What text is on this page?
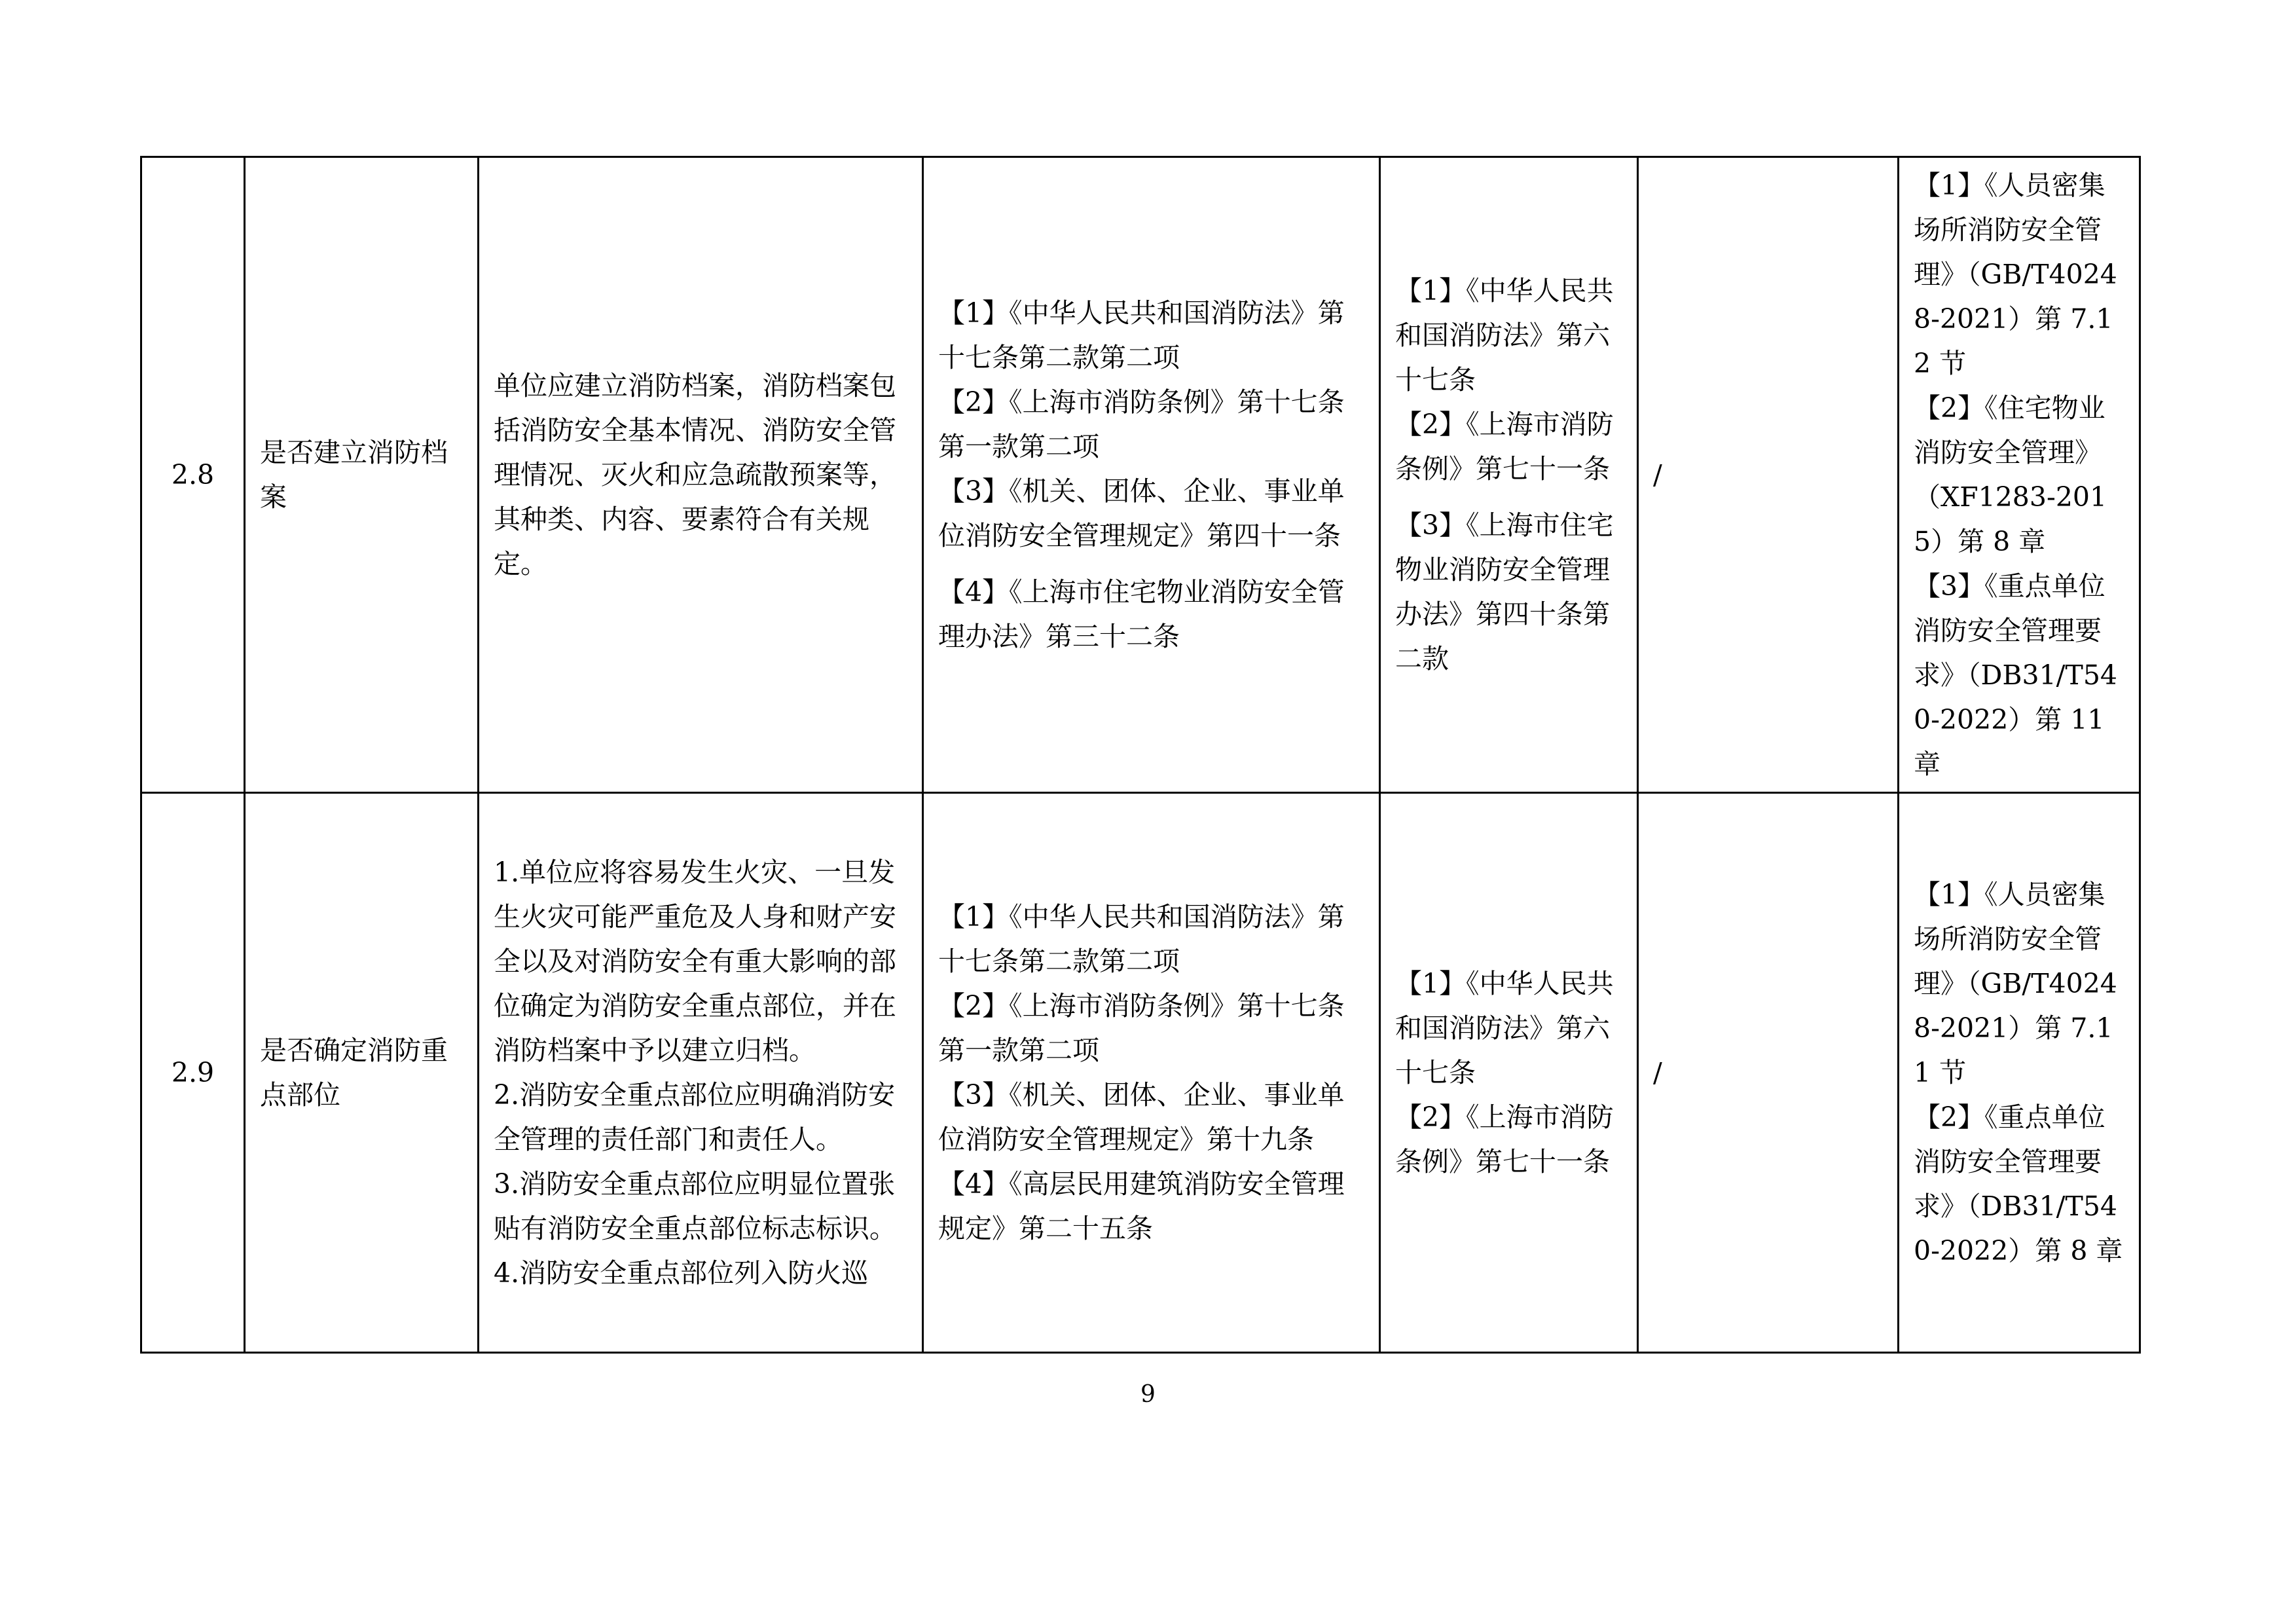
2.8	是否建立消防档案	单位应建立消防档案，消防档案包括消防安全基本情况、消防安全管理情况、灭火和应急疏散预案等，其种类、内容、要素符合有关规定。	【1】《中华人民共和国消防法》第十七条第二款第二项
【2】《上海市消防条例》第十七条第一款第二项
【3】《机关、团体、企业、事业单位消防安全管理规定》第四十一条
【4】《上海市住宅物业消防安全管理办法》第三十二条	【1】《中华人民共和国消防法》第六十七条
【2】《上海市消防条例》第七十一条
【3】《上海市住宅物业消防安全管理办法》第四十条第二款	/	【1】《人员密集场所消防安全管理》（GB/T40248-2021）第 7.12 节
【2】《住宅物业消防安全管理》（XF1283-2015）第 8 章
【3】《重点单位消防安全管理要求》（DB31/T540-2022）第 11 章

2.9	是否确定消防重点部位	1.单位应将容易发生火灾、一旦发生火灾可能严重危及人身和财产安全以及对消防安全有重大影响的部位确定为消防安全重点部位，并在消防档案中予以建立归档。
2.消防安全重点部位应明确消防安全管理的责任部门和责任人。
3.消防安全重点部位应明显位置张贴有消防安全重点部位标志标识。
4.消防安全重点部位列入防火巡	【1】《中华人民共和国消防法》第十七条第二款第二项
【2】《上海市消防条例》第十七条第一款第二项
【3】《机关、团体、企业、事业单位消防安全管理规定》第十九条
【4】《高层民用建筑消防安全管理规定》第二十五条	【1】《中华人民共和国消防法》第六十七条
【2】《上海市消防条例》第七十一条	/	【1】《人员密集场所消防安全管理》（GB/T40248-2021）第 7.11 节
【2】《重点单位消防安全管理要求》（DB31/T540-2022）第 8 章
9
